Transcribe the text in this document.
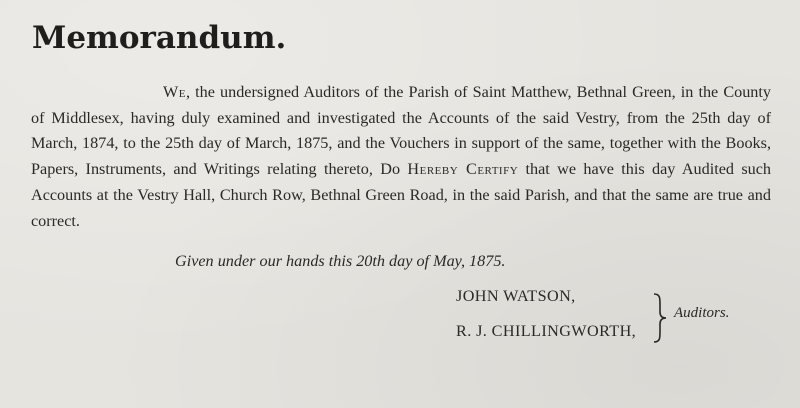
Memorandum.

We, the undersigned Auditors of the Parish of Saint Matthew, Bethnal Green, in the County of Middlesex, having duly examined and investigated the Accounts of the said Vestry, from the 25th day of March, 1874, to the 25th day of March, 1875, and the Vouchers in support of the same, together with the Books, Papers, Instruments, and Writings relating thereto, Do Hereby Certify that we have this day Audited such Accounts at the Vestry Hall, Church Row, Bethnal Green Road, in the said Parish, and that the same are true and correct.

Given under our hands this 20th day of May, 1875.
JOHN WATSON,
R. J. CHILLINGWORTH,
Auditors.
